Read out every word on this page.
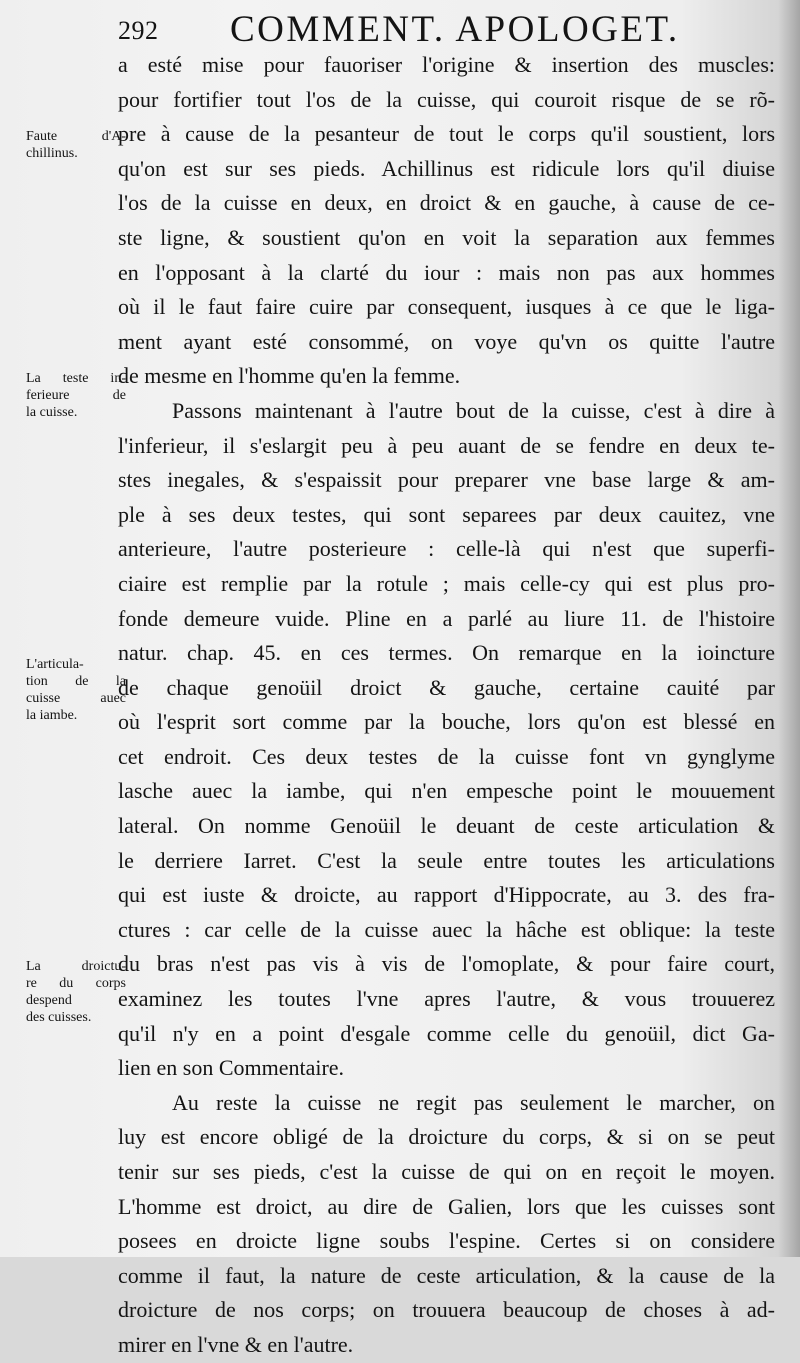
292 COMMENT. APOLOGET.
a esté mise pour fauoriser l'origine & insertion des muscles:
pour fortifier tout l'os de la cuisse, qui couroit risque de se rõ-
pre à cause de la pesanteur de tout le corps qu'il soustient, lors
qu'on est sur ses pieds. Achillinus est ridicule lors qu'il diuise
l'os de la cuisse en deux, en droict & en gauche, à cause de ce-
ste ligne, & soustient qu'on en voit la separation aux femmes
en l'opposant à la clarté du iour : mais non pas aux hommes
où il le faut faire cuire par consequent, iusques à ce que le liga-
ment ayant esté consommé, on voye qu'vn os quitte l'autre
de mesme en l'homme qu'en la femme.
Passons maintenant à l'autre bout de la cuisse, c'est à dire à
l'inferieur, il s'eslargit peu à peu auant de se fendre en deux te-
stes inegales, & s'espaissit pour preparer vne base large & am-
ple à ses deux testes, qui sont separees par deux cauitez, vne
anterieure, l'autre posterieure : celle-là qui n'est que superfi-
ciaire est remplie par la rotule ; mais celle-cy qui est plus pro-
fonde demeure vuide. Pline en a parlé au liure 11. de l'histoire
natur. chap. 45. en ces termes. On remarque en la ioincture
de chaque genoüil droict & gauche, certaine cauité par
où l'esprit sort comme par la bouche, lors qu'on est blessé en
cet endroit. Ces deux testes de la cuisse font vn gynglyme
lasche auec la iambe, qui n'en empesche point le mouuement
lateral. On nomme Genoüil le deuant de ceste articulation &
le derriere Iarret. C'est la seule entre toutes les articulations
qui est iuste & droicte, au rapport d'Hippocrate, au 3. des fra-
ctures : car celle de la cuisse auec la hâche est oblique: la teste
du bras n'est pas vis à vis de l'omoplate, & pour faire court,
examinez les toutes l'vne apres l'autre, & vous trouuerez
qu'il n'y en a point d'esgale comme celle du genoüil, dict Ga-
lien en son Commentaire.
Au reste la cuisse ne regit pas seulement le marcher, on
luy est encore obligé de la droicture du corps, & si on se peut
tenir sur ses pieds, c'est la cuisse de qui on en reçoit le moyen.
L'homme est droict, au dire de Galien, lors que les cuisses sont
posees en droicte ligne soubs l'espine. Certes si on considere
comme il faut, la nature de ceste articulation, & la cause de la
droicture de nos corps; on trouuera beaucoup de choses à ad-
mirer en l'vne & en l'autre.
Faute d'A-
chillinus.
La teste in-
ferieure de
la cuisse.
L'articula-
tion de la
cuisse auec
la iambe.
La droictu-
re du corps
despend
des cuisses.
